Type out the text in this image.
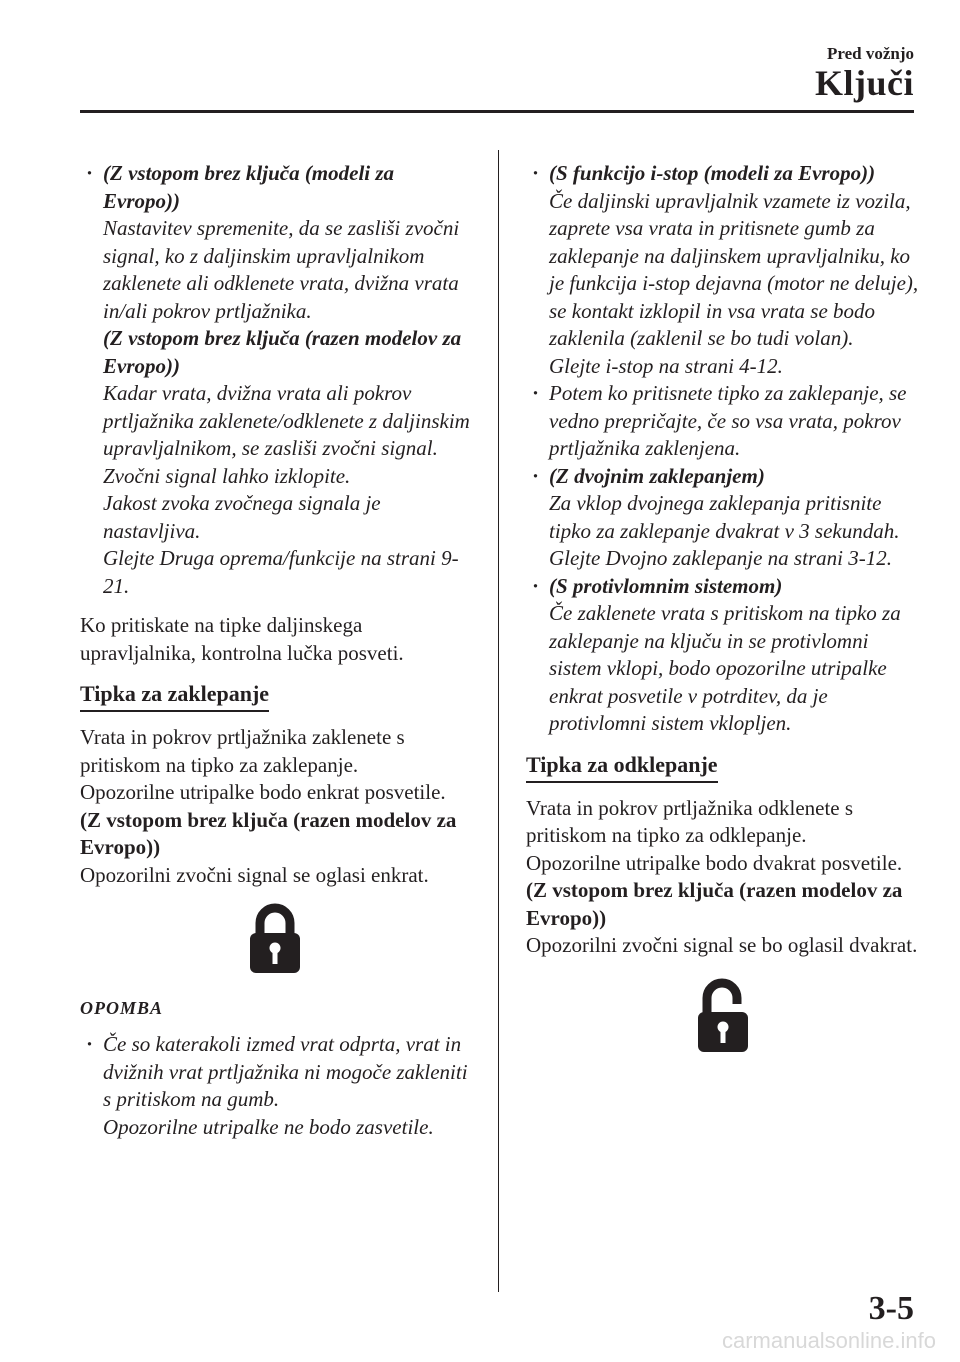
Pred vožnjo

Ključi

· (Z vstopom brez ključa (modeli za Evropo))

Nastavitev spremenite, da se zasliši zvočni signal, ko z daljinskim upravljalnikom zaklenete ali odklenete vrata, dvižna vrata in/ali pokrov prtljažnika.

(Z vstopom brez ključa (razen modelov za Evropo))

Kadar vrata, dvižna vrata ali pokrov prtljažnika zaklenete/odklenete z daljinskim upravljalnikom, se zasliši zvočni signal. Zvočni signal lahko izklopite.

Jakost zvoka zvočnega signala je nastavljiva.

Glejte Druga oprema/funkcije na strani 9-21.

Ko pritiskate na tipke daljinskega upravljalnika, kontrolna lučka posveti.

Tipka za zaklepanje

Vrata in pokrov prtljažnika zaklenete s pritiskom na tipko za zaklepanje.

Opozorilne utripalke bodo enkrat posvetile.

(Z vstopom brez ključa (razen modelov za Evropo))

Opozorilni zvočni signal se oglasi enkrat.

OPOMBA

· Če so katerakoli izmed vrat odprta, vrat in dvižnih vrat prtljažnika ni mogoče zakleniti s pritiskom na gumb.

Opozorilne utripalke ne bodo zasvetile.

· (S funkcijo i-stop (modeli za Evropo))

Če daljinski upravljalnik vzamete iz vozila, zaprete vsa vrata in pritisnete gumb za zaklepanje na daljinskem upravljalniku, ko je funkcija i-stop dejavna (motor ne deluje), se kontakt izklopil in vsa vrata se bodo zaklenila (zaklenil se bo tudi volan).

Glejte i-stop na strani 4-12.

· Potem ko pritisnete tipko za zaklepanje, se vedno prepričajte, če so vsa vrata, pokrov prtljažnika zaklenjena.

· (Z dvojnim zaklepanjem)

Za vklop dvojnega zaklepanja pritisnite tipko za zaklepanje dvakrat v 3 sekundah.

Glejte Dvojno zaklepanje na strani 3-12.

· (S protivlomnim sistemom)

Če zaklenete vrata s pritiskom na tipko za zaklepanje na ključu in se protivlomni sistem vklopi, bodo opozorilne utripalke enkrat posvetile v potrditev, da je protivlomni sistem vklopljen.

Tipka za odklepanje

Vrata in pokrov prtljažnika odklenete s pritiskom na tipko za odklepanje.

Opozorilne utripalke bodo dvakrat posvetile.

(Z vstopom brez ključa (razen modelov za Evropo))

Opozorilni zvočni signal se bo oglasil dvakrat.

3-5

carmanualsonline.info
